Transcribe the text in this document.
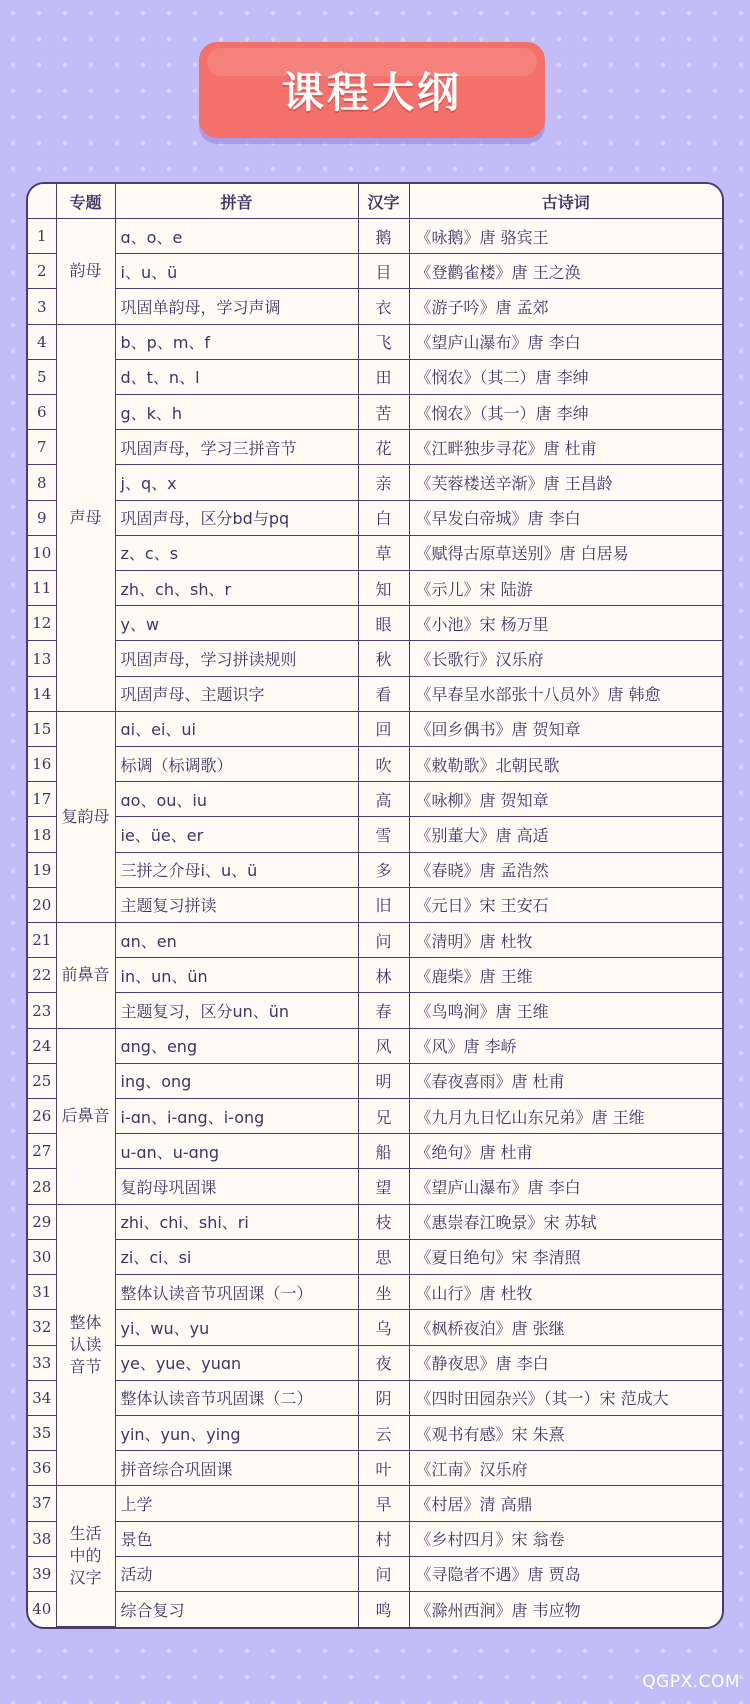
课程大纲
	专题	拼音	汉字	古诗词
1	韵母	ɑ、o、e	鹅	《咏鹅》唐 骆宾王
2		i、u、ü	目	《登鹳雀楼》唐 王之涣
3		巩固单韵母，学习声调	衣	《游子吟》唐 孟郊
4	声母	b、p、m、f	飞	《望庐山瀑布》唐 李白
5		d、t、n、l	田	《悯农》（其二）唐 李绅
6		g、k、h	苦	《悯农》（其一）唐 李绅
7		巩固声母，学习三拼音节	花	《江畔独步寻花》唐 杜甫
8		j、q、x	亲	《芙蓉楼送辛渐》唐 王昌龄
9		巩固声母，区分bd与pq	白	《早发白帝城》唐 李白
10		z、c、s	草	《赋得古原草送别》唐 白居易
11		zh、ch、sh、r	知	《示儿》宋 陆游
12		y、w	眼	《小池》宋 杨万里
13		巩固声母，学习拼读规则	秋	《长歌行》汉乐府
14		巩固声母、主题识字	看	《早春呈水部张十八员外》唐 韩愈
15	复韵母	ɑi、ei、ui	回	《回乡偶书》唐 贺知章
16		标调（标调歌）	吹	《敕勒歌》北朝民歌
17		ɑo、ou、iu	高	《咏柳》唐 贺知章
18		ie、üe、er	雪	《别董大》唐 高适
19		三拼之介母i、u、ü	多	《春晓》唐 孟浩然
20		主题复习拼读	旧	《元日》宋 王安石
21	前鼻音	ɑn、en	问	《清明》唐 杜牧
22		in、un、ün	林	《鹿柴》唐 王维
23		主题复习，区分un、ün	春	《鸟鸣涧》唐 王维
24	后鼻音	ɑng、eng	风	《风》唐 李峤
25		ing、ong	明	《春夜喜雨》唐 杜甫
26		i-ɑn、i-ɑng、i-ong	兄	《九月九日忆山东兄弟》唐 王维
27		u-ɑn、u-ɑng	船	《绝句》唐 杜甫
28		复韵母巩固课	望	《望庐山瀑布》唐 李白
29	整体
认读
音节	zhi、chi、shi、ri	枝	《惠崇春江晚景》宋 苏轼
30		zi、ci、si	思	《夏日绝句》宋 李清照
31		整体认读音节巩固课（一）	坐	《山行》唐 杜牧
32		yi、wu、yu	乌	《枫桥夜泊》唐 张继
33		ye、yue、yuɑn	夜	《静夜思》唐 李白
34		整体认读音节巩固课（二）	阴	《四时田园杂兴》（其一）宋 范成大
35		yin、yun、ying	云	《观书有感》宋 朱熹
36		拼音综合巩固课	叶	《江南》汉乐府
37	生活
中的
汉字	上学	早	《村居》清 高鼎
38		景色	村	《乡村四月》宋 翁卷
39		活动	问	《寻隐者不遇》唐 贾岛
40		综合复习	鸣	《滁州西涧》唐 韦应物
QGPX.COM
